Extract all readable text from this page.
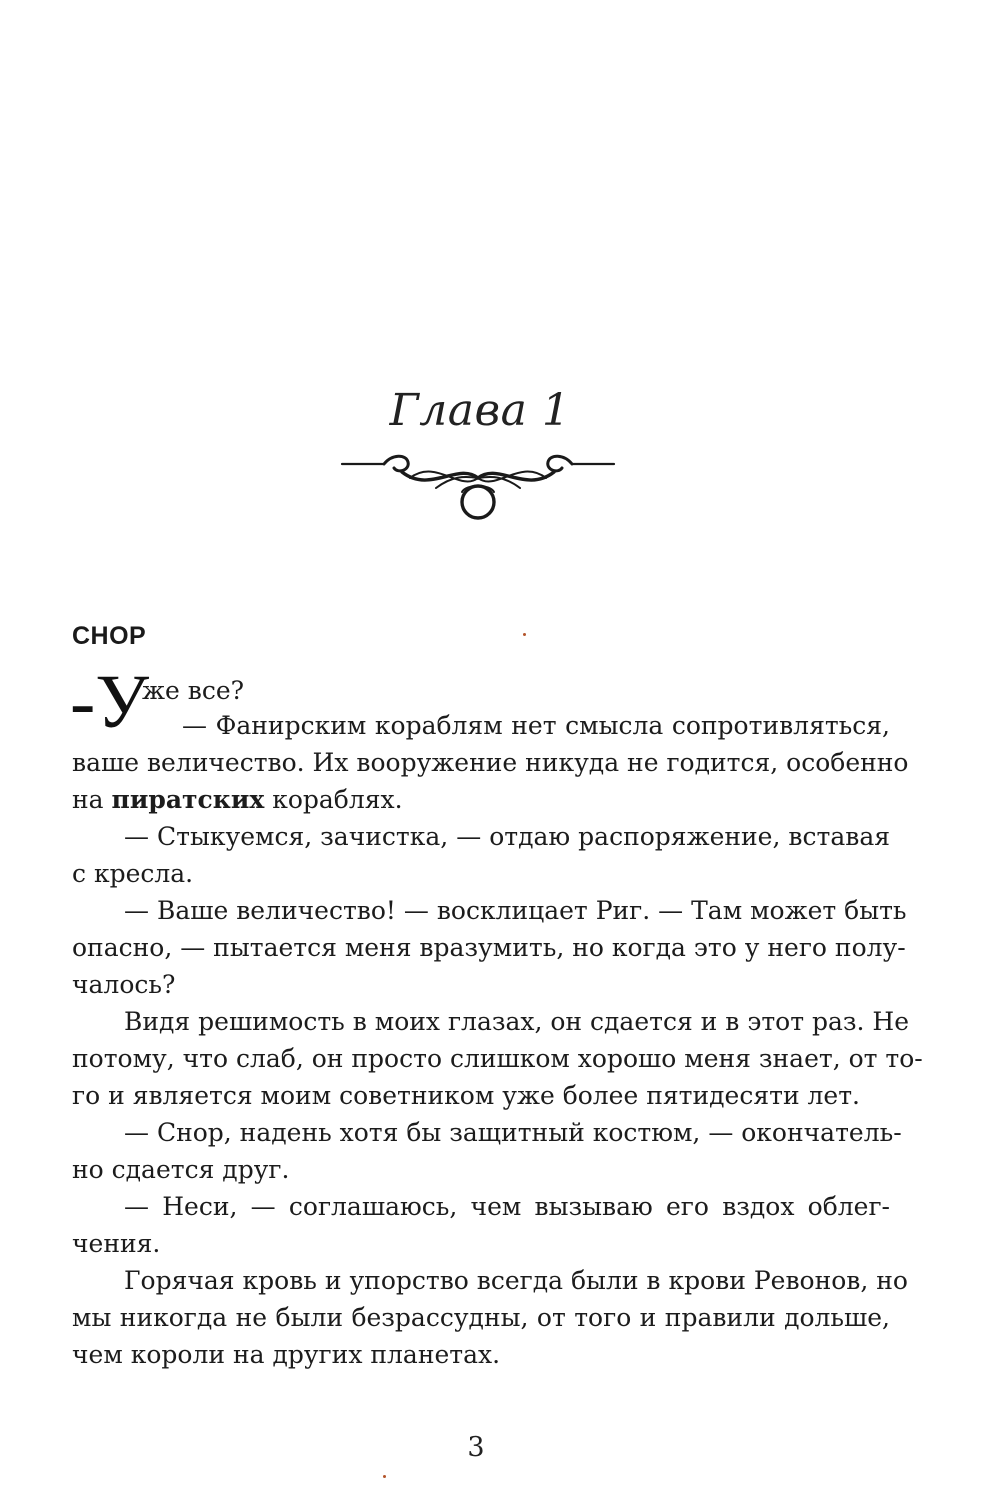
Глава 1
СНОР
-У
же все?
— Фанирским кораблям нет смысла сопротивляться,
ваше величество. Их вооружение никуда не годится, особенно
на пиратских кораблях.
— Стыкуемся, зачистка, — отдаю распоряжение, вставая
с кресла.
— Ваше величество! — восклицает Риг. — Там может быть
опасно, — пытается меня вразумить, но когда это у него полу-
чалось?
Видя решимость в моих глазах, он сдается и в этот раз. Не
потому, что слаб, он просто слишком хорошо меня знает, от то-
го и является моим советником уже более пятидесяти лет.
— Снор, надень хотя бы защитный костюм, — окончатель-
но сдается друг.
— Неси, — соглашаюсь, чем вызываю его вздох облег-
чения.
Горячая кровь и упорство всегда были в крови Ревонов, но
мы никогда не были безрассудны, от того и правили дольше,
чем короли на других планетах.
3
